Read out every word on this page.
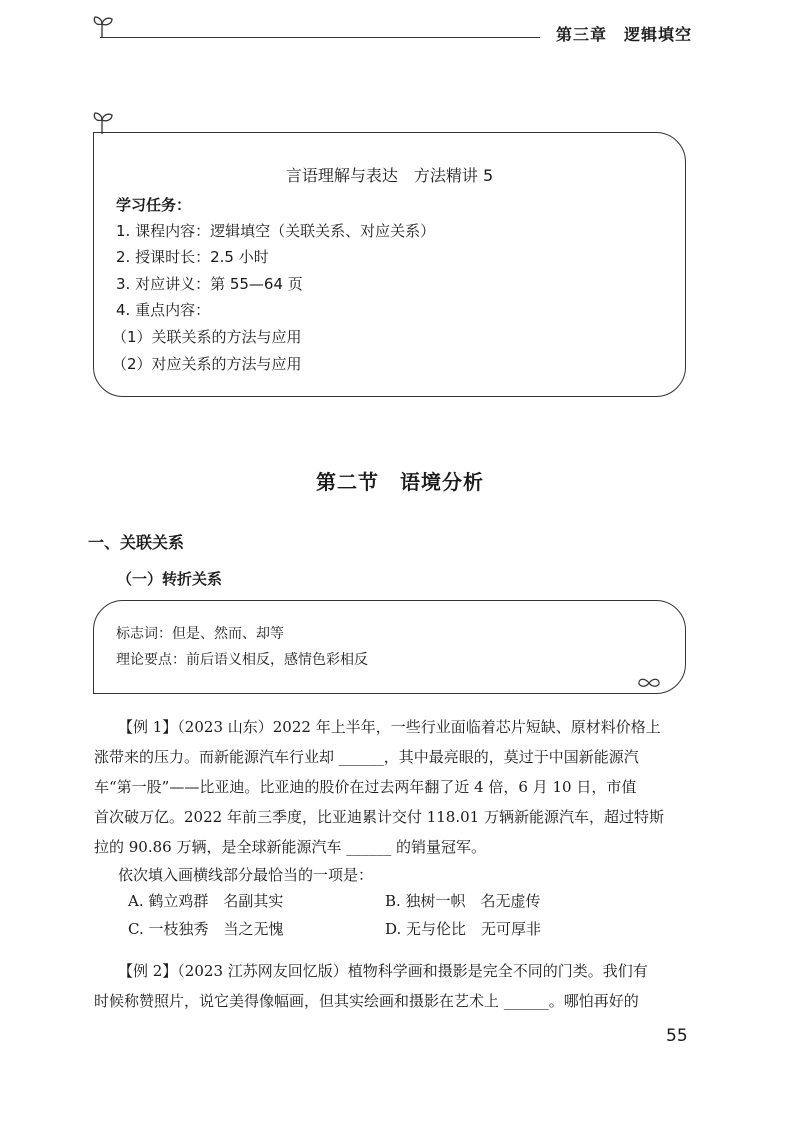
第三章　逻辑填空
言语理解与表达　方法精讲 5
学习任务：
1. 课程内容：逻辑填空（关联关系、对应关系）
2. 授课时长：2.5 小时
3. 对应讲义：第 55—64 页
4. 重点内容：
（1）关联关系的方法与应用
（2）对应关系的方法与应用
第二节　语境分析
一、关联关系
（一）转折关系
标志词：但是、然而、却等
理论要点：前后语义相反，感情色彩相反
【例 1】（2023 山东）2022 年上半年，一些行业面临着芯片短缺、原材料价格上
涨带来的压力。而新能源汽车行业却 ______，其中最亮眼的，莫过于中国新能源汽
车“第一股”——比亚迪。比亚迪的股价在过去两年翻了近 4 倍，6 月 10 日，市值
首次破万亿。2022 年前三季度，比亚迪累计交付 118.01 万辆新能源汽车，超过特斯
拉的 90.86 万辆，是全球新能源汽车 ______ 的销量冠军。
依次填入画横线部分最恰当的一项是：
A. 鹤立鸡群　名副其实	B. 独树一帜　名无虚传
C. 一枝独秀　当之无愧	D. 无与伦比　无可厚非
【例 2】（2023 江苏网友回忆版）植物科学画和摄影是完全不同的门类。我们有
时候称赞照片，说它美得像幅画，但其实绘画和摄影在艺术上 ______。哪怕再好的
55
